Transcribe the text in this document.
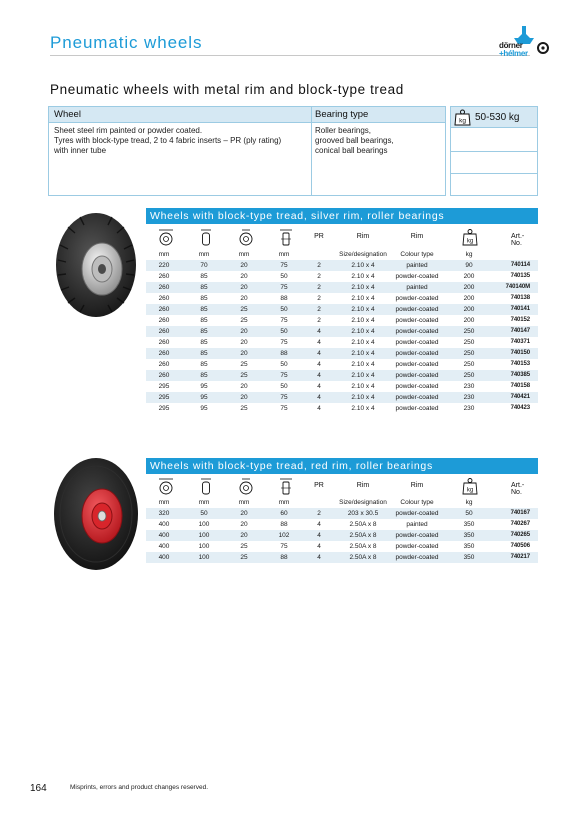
Pneumatic wheels	dörner
+hélmer
Pneumatic wheels with metal rim and block-type tread
Wheel	Bearing type
Sheet steel rim painted or powder coated.
Tyres with block-type tread, 2 to 4 fabric inserts – PR (ply rating)
with inner tube
Roller bearings,
grooved ball bearings,
conical ball bearings
kg 50-530 kg
Wheels with block-type tread, silver rim, roller bearings
PR	Rim	Rim
kg
Art.-No.
mm	mm	mm	mm	Size/designation Colour type	kg
220	70	20	75	2	2.10 x 4	painted	90	740114
260	85	20	50	2	2.10 x 4	powder-coated	200	740135
260	85	20	75	2	2.10 x 4	painted	200	740140M
260	85	20	88	2	2.10 x 4	powder-coated	200	740138
260	85	25	50	2	2.10 x 4	powder-coated	200	740141
260	85	25	75	2	2.10 x 4	powder-coated	200	740152
260	85	20	50	4	2.10 x 4	powder-coated	250	740147
260	85	20	75	4	2.10 x 4	powder-coated	250	740371
260	85	20	88	4	2.10 x 4	powder-coated	250	740150
260	85	25	50	4	2.10 x 4	powder-coated	250	740153
260	85	25	75	4	2.10 x 4	powder-coated	250	740385
295	95	20	50	4	2.10 x 4	powder-coated	230	740158
295	95	20	75	4	2.10 x 4	powder-coated	230	740421
295	95	25	75	4	2.10 x 4	powder-coated	230	740423
Wheels with block-type tread, red rim, roller bearings
PR	Rim	Rim
kg
Art.-No.
mm	mm	mm	mm	Size/designation Colour type	kg
320	50	20	60	2	203 x 30.5	powder-coated	50	740167
400	100	20	88	4	2.50A x 8	painted	350	740267
400	100	20	102	4	2.50A x 8	powder-coated	350	740265
400	100	25	75	4	2.50A x 8	powder-coated	350	740506
400	100	25	88	4	2.50A x 8	powder-coated	350	740217
164	Misprints, errors and product changes reserved.
